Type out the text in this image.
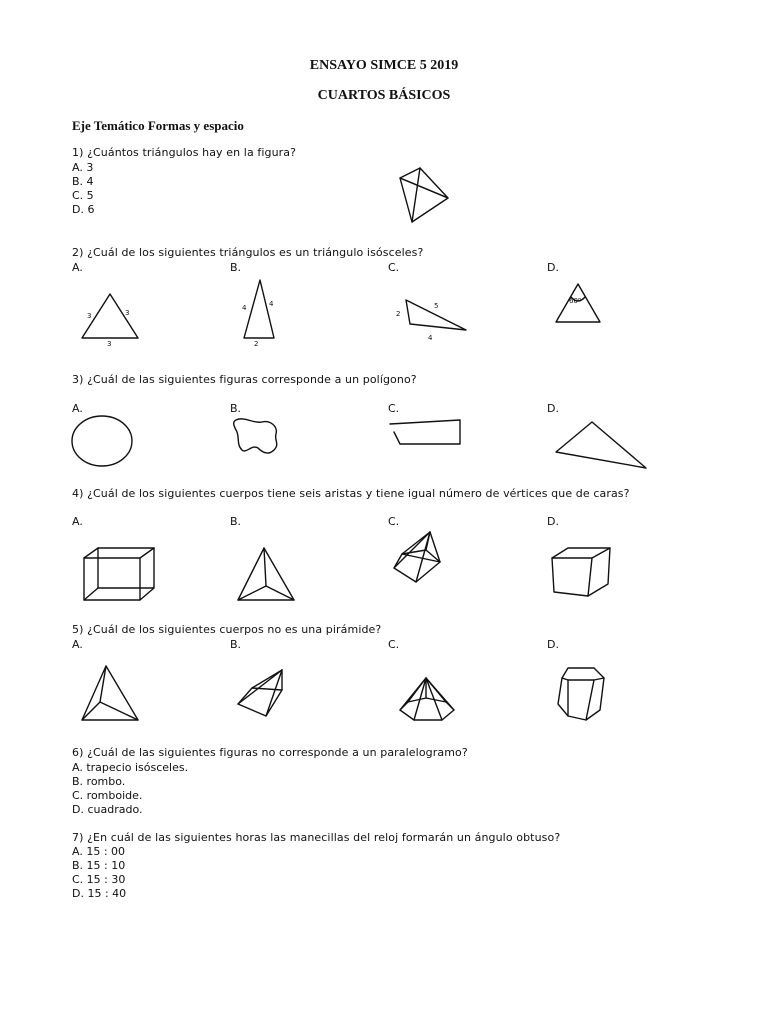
ENSAYO SIMCE 5 2019
CUARTOS BÁSICOS
Eje Temático Formas y espacio
1) ¿Cuántos triángulos hay en la figura?
A. 3
B. 4
C. 5
D. 6
2) ¿Cuál de los siguientes triángulos es un triángulo isósceles?
A.	B.	C.	D.
3	3
3
4	4
2
2
5
4
60º
3) ¿Cuál de las siguientes figuras corresponde a un polígono?
A.	B.	C.	D.
4) ¿Cuál de los siguientes cuerpos tiene seis aristas y tiene igual número de vértices que de caras?
A.	B.	C.	D.
5) ¿Cuál de los siguientes cuerpos no es una pirámide?
A.	B.	C.	D.
6) ¿Cuál de las siguientes figuras no corresponde a un paralelogramo?
A. trapecio isósceles.
B. rombo.
C. romboide.
D. cuadrado.
7) ¿En cuál de las siguientes horas las manecillas del reloj formarán un ángulo obtuso?
A. 15 : 00
B. 15 : 10
C. 15 : 30
D. 15 : 40
